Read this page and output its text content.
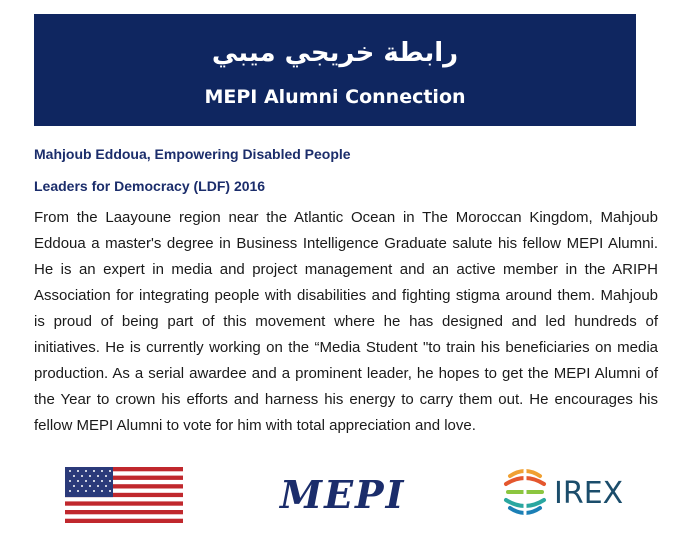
رابطة خريجي ميبي
MEPI Alumni Connection
Mahjoub Eddoua, Empowering Disabled People
Leaders for Democracy (LDF) 2016
From the Laayoune region near the Atlantic Ocean in The Moroccan Kingdom, Mahjoub Eddoua a master's degree in Business Intelligence Graduate salute his fellow MEPI Alumni. He is an expert in media and project management and an active member in the ARIPH Association for integrating people with disabilities and fighting stigma around them. Mahjoub is proud of being part of this movement where he has designed and led hundreds of initiatives. He is currently working on the “Media Student "to train his beneficiaries on media production. As a serial awardee and a prominent leader, he hopes to get the MEPI Alumni of the Year to crown his efforts and harness his energy to carry them out. He encourages his fellow MEPI Alumni to vote for him with total appreciation and love.
MEPI	IREX
